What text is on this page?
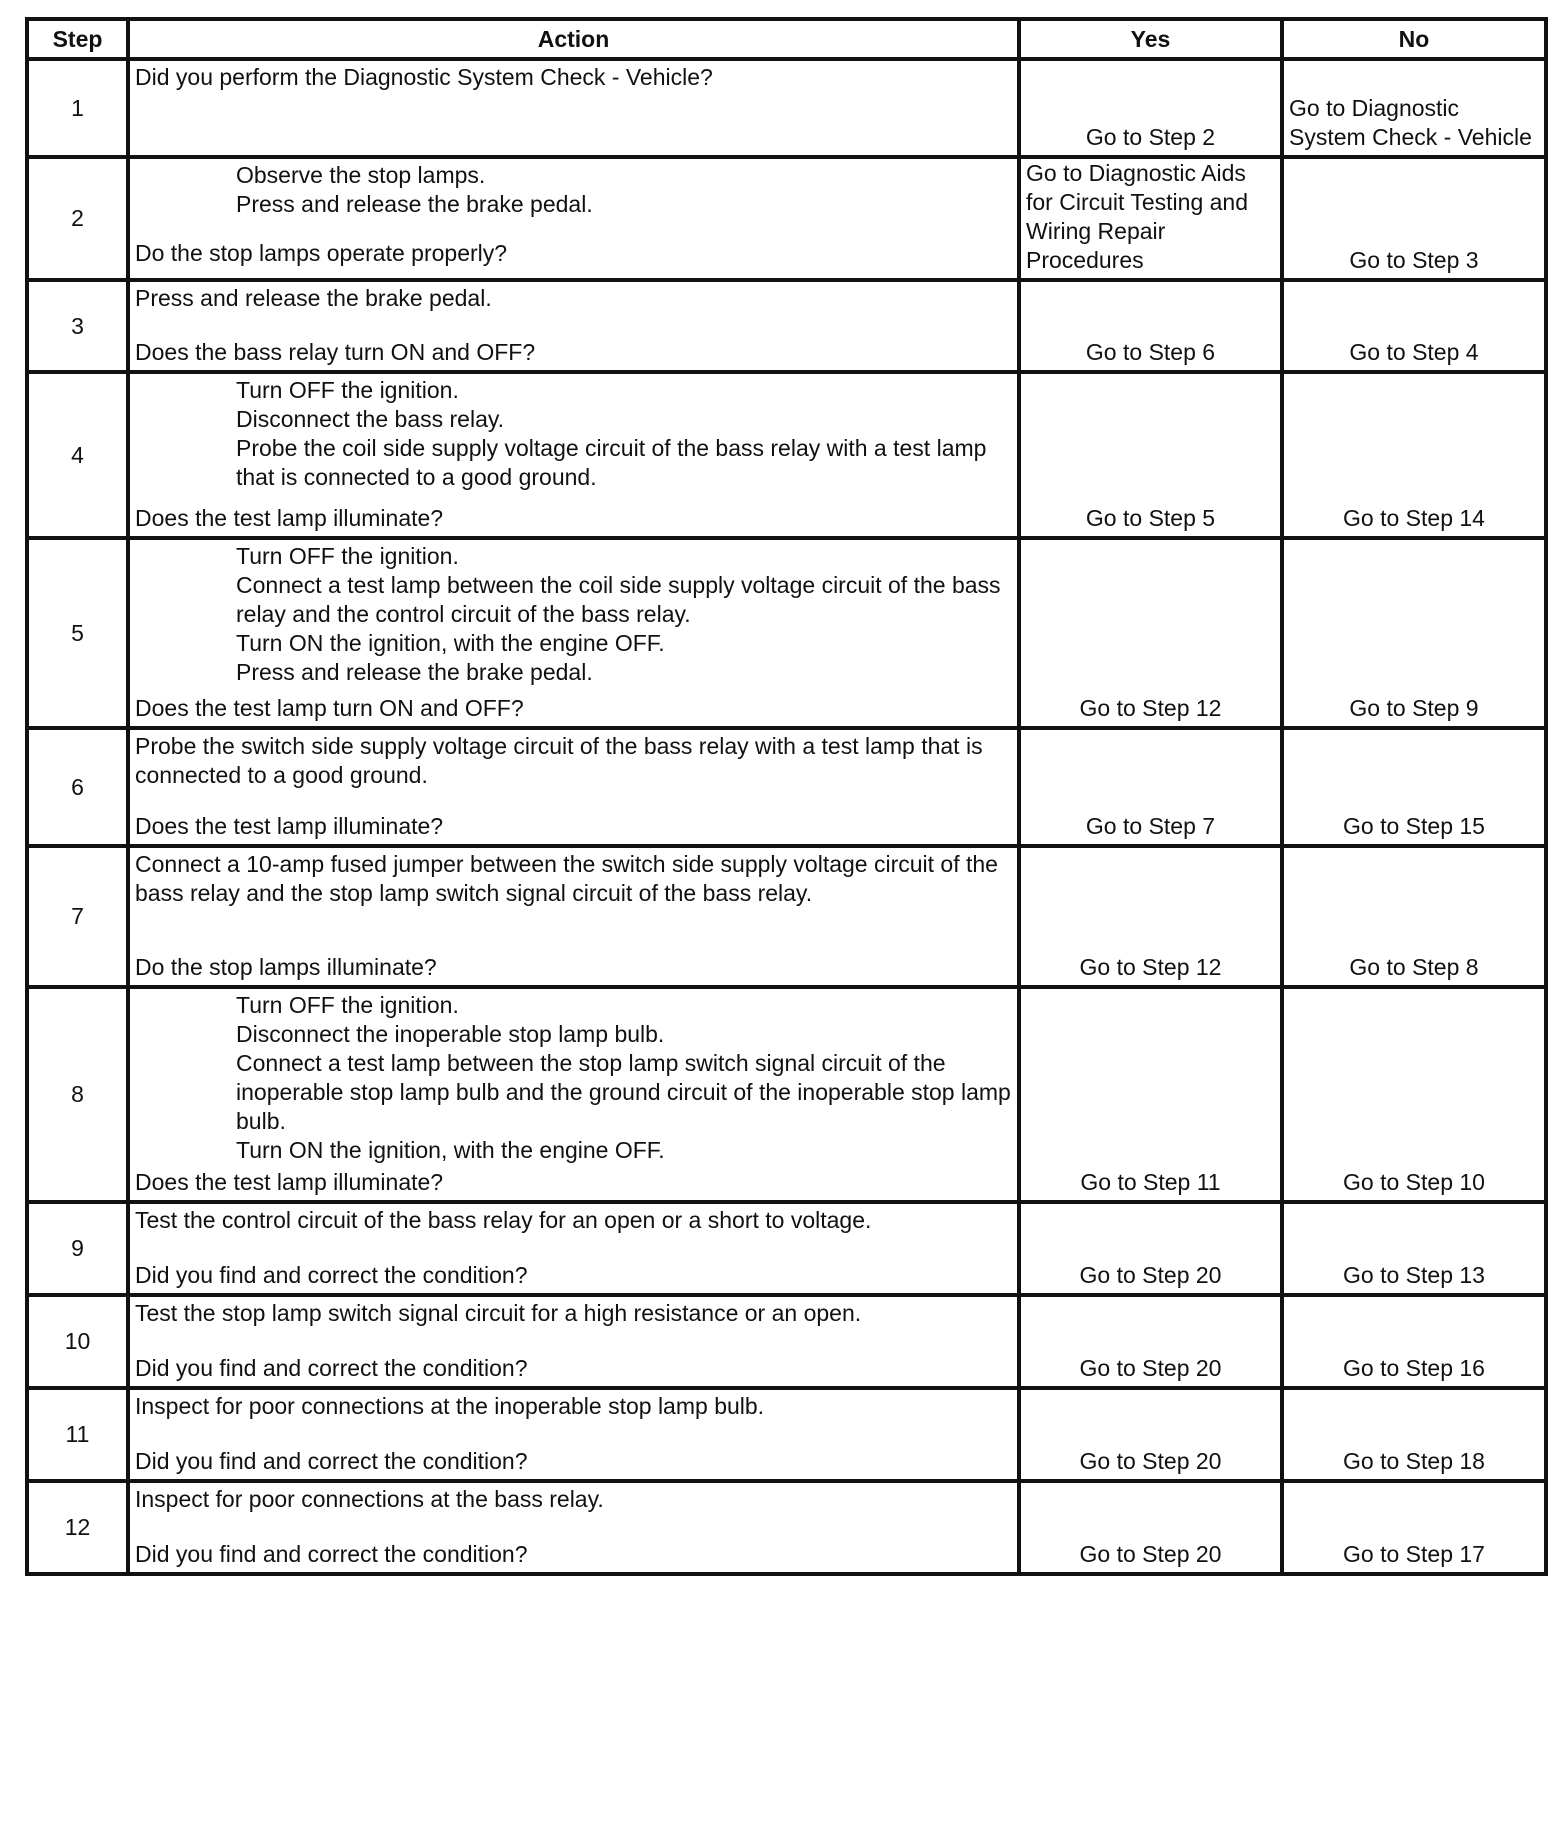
Step	Action	Yes	No
1	Did you perform the Diagnostic System Check - Vehicle?	Go to Step 2	Go to Diagnostic System Check - Vehicle

2	Observe the stop lamps.
Press and release the brake pedal.
Do the stop lamps operate properly?	Go to Diagnostic Aids for Circuit Testing and Wiring Repair Procedures	Go to Step 3

3	Press and release the brake pedal.
Does the bass relay turn ON and OFF?	Go to Step 6	Go to Step 4

4	Turn OFF the ignition.
Disconnect the bass relay.
Probe the coil side supply voltage circuit of the bass relay with a test lamp that is connected to a good ground.
Does the test lamp illuminate?	Go to Step 5	Go to Step 14

5	Turn OFF the ignition.
Connect a test lamp between the coil side supply voltage circuit of the bass relay and the control circuit of the bass relay.
Turn ON the ignition, with the engine OFF.
Press and release the brake pedal.
Does the test lamp turn ON and OFF?	Go to Step 12	Go to Step 9

6	Probe the switch side supply voltage circuit of the bass relay with a test lamp that is connected to a good ground.
Does the test lamp illuminate?	Go to Step 7	Go to Step 15

7	Connect a 10-amp fused jumper between the switch side supply voltage circuit of the bass relay and the stop lamp switch signal circuit of the bass relay.
Do the stop lamps illuminate?	Go to Step 12	Go to Step 8

8	Turn OFF the ignition.
Disconnect the inoperable stop lamp bulb.
Connect a test lamp between the stop lamp switch signal circuit of the inoperable stop lamp bulb and the ground circuit of the inoperable stop lamp bulb.
Turn ON the ignition, with the engine OFF.
Does the test lamp illuminate?	Go to Step 11	Go to Step 10

9	Test the control circuit of the bass relay for an open or a short to voltage.
Did you find and correct the condition?	Go to Step 20	Go to Step 13

10	Test the stop lamp switch signal circuit for a high resistance or an open.
Did you find and correct the condition?	Go to Step 20	Go to Step 16

11	Inspect for poor connections at the inoperable stop lamp bulb.
Did you find and correct the condition?	Go to Step 20	Go to Step 18

12	Inspect for poor connections at the bass relay.
Did you find and correct the condition?	Go to Step 20	Go to Step 17
